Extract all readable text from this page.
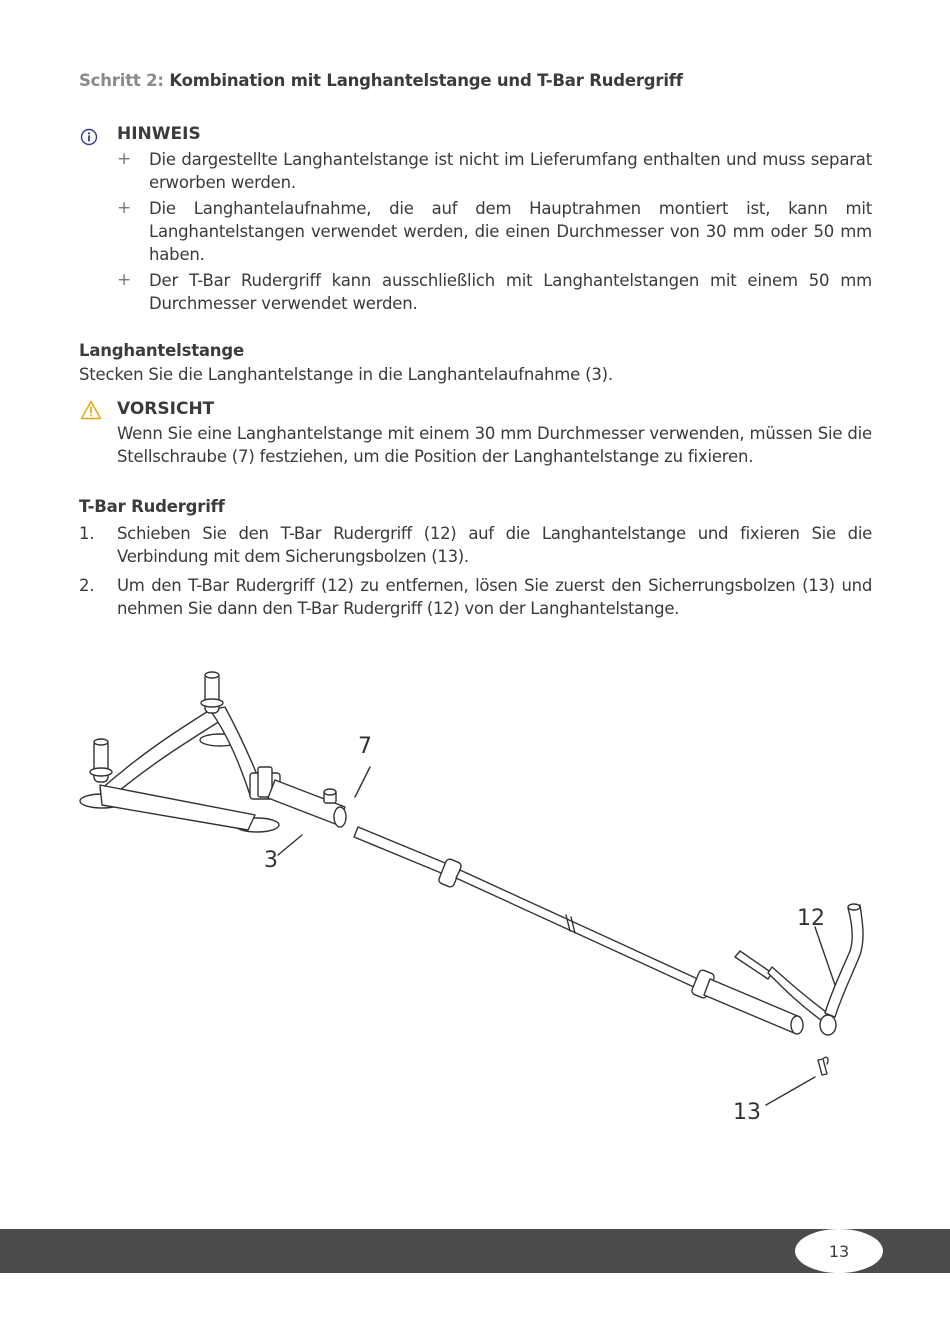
Schritt 2: Kombination mit Langhantelstange und T-Bar Rudergriff
HINWEIS
+ Die dargestellte Langhantelstange ist nicht im Lieferumfang enthalten und muss separat erworben werden.
+ Die Langhantelaufnahme, die auf dem Hauptrahmen montiert ist, kann mit Langhantelstangen verwendet werden, die einen Durchmesser von 30 mm oder 50 mm haben.
+ Der T-Bar Rudergriff kann ausschließlich mit Langhantelstangen mit einem 50 mm Durchmesser verwendet werden.
Langhantelstange

Stecken Sie die Langhantelstange in die Langhantelaufnahme (3).

VORSICHT

Wenn Sie eine Langhantelstange mit einem 30 mm Durchmesser verwenden, müssen Sie die Stellschraube (7) festziehen, um die Position der Langhantelstange zu fixieren.

T-Bar Rudergriff
1. Schieben Sie den T-Bar Rudergriff (12) auf die Langhantelstange und fixieren Sie die Verbindung mit dem Sicherungsbolzen (13).
2. Um den T-Bar Rudergriff (12) zu entfernen, lösen Sie zuerst den Sicherrungsbolzen (13) und nehmen Sie dann den T-Bar Rudergriff (12) von der Langhantelstange.
7
3
12
13
13
